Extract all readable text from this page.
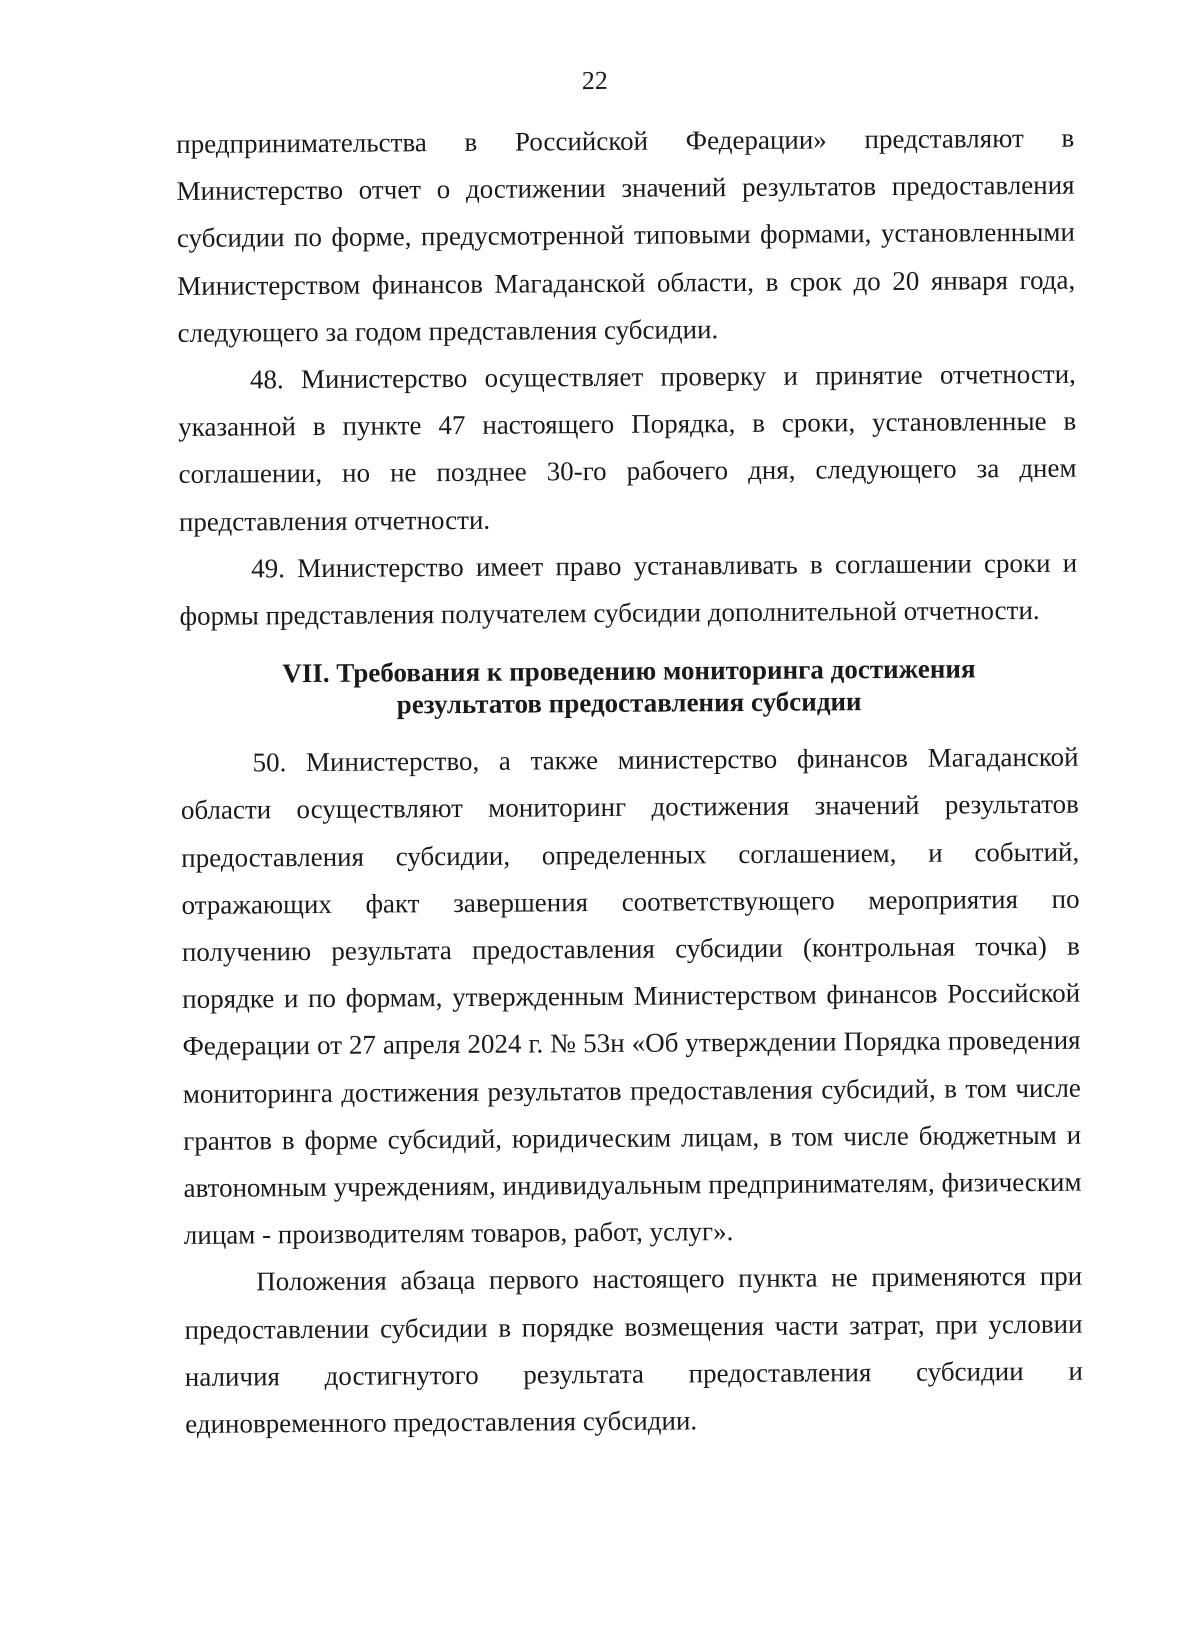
22

предпринимательства в Российской Федерации» представляют в Министерство отчет о достижении значений результатов предоставления субсидии по форме, предусмотренной типовыми формами, установленными Министерством финансов Магаданской области, в срок до 20 января года, следующего за годом представления субсидии.

48. Министерство осуществляет проверку и принятие отчетности, указанной в пункте 47 настоящего Порядка, в сроки, установленные в соглашении, но не позднее 30-го рабочего дня, следующего за днем представления отчетности.

49. Министерство имеет право устанавливать в соглашении сроки и формы представления получателем субсидии дополнительной отчетности.

VII. Требования к проведению мониторинга достижения
результатов предоставления субсидии

50. Министерство, а также министерство финансов Магаданской области осуществляют мониторинг достижения значений результатов предоставления субсидии, определенных соглашением, и событий, отражающих факт завершения соответствующего мероприятия по получению результата предоставления субсидии (контрольная точка) в порядке и по формам, утвержденным Министерством финансов Российской Федерации от 27 апреля 2024 г. № 53н «Об утверждении Порядка проведения мониторинга достижения результатов предоставления субсидий, в том числе грантов в форме субсидий, юридическим лицам, в том числе бюджетным и автономным учреждениям, индивидуальным предпринимателям, физическим лицам - производителям товаров, работ, услуг».

Положения абзаца первого настоящего пункта не применяются при предоставлении субсидии в порядке возмещения части затрат, при условии наличия достигнутого результата предоставления субсидии и единовременного предоставления субсидии.
